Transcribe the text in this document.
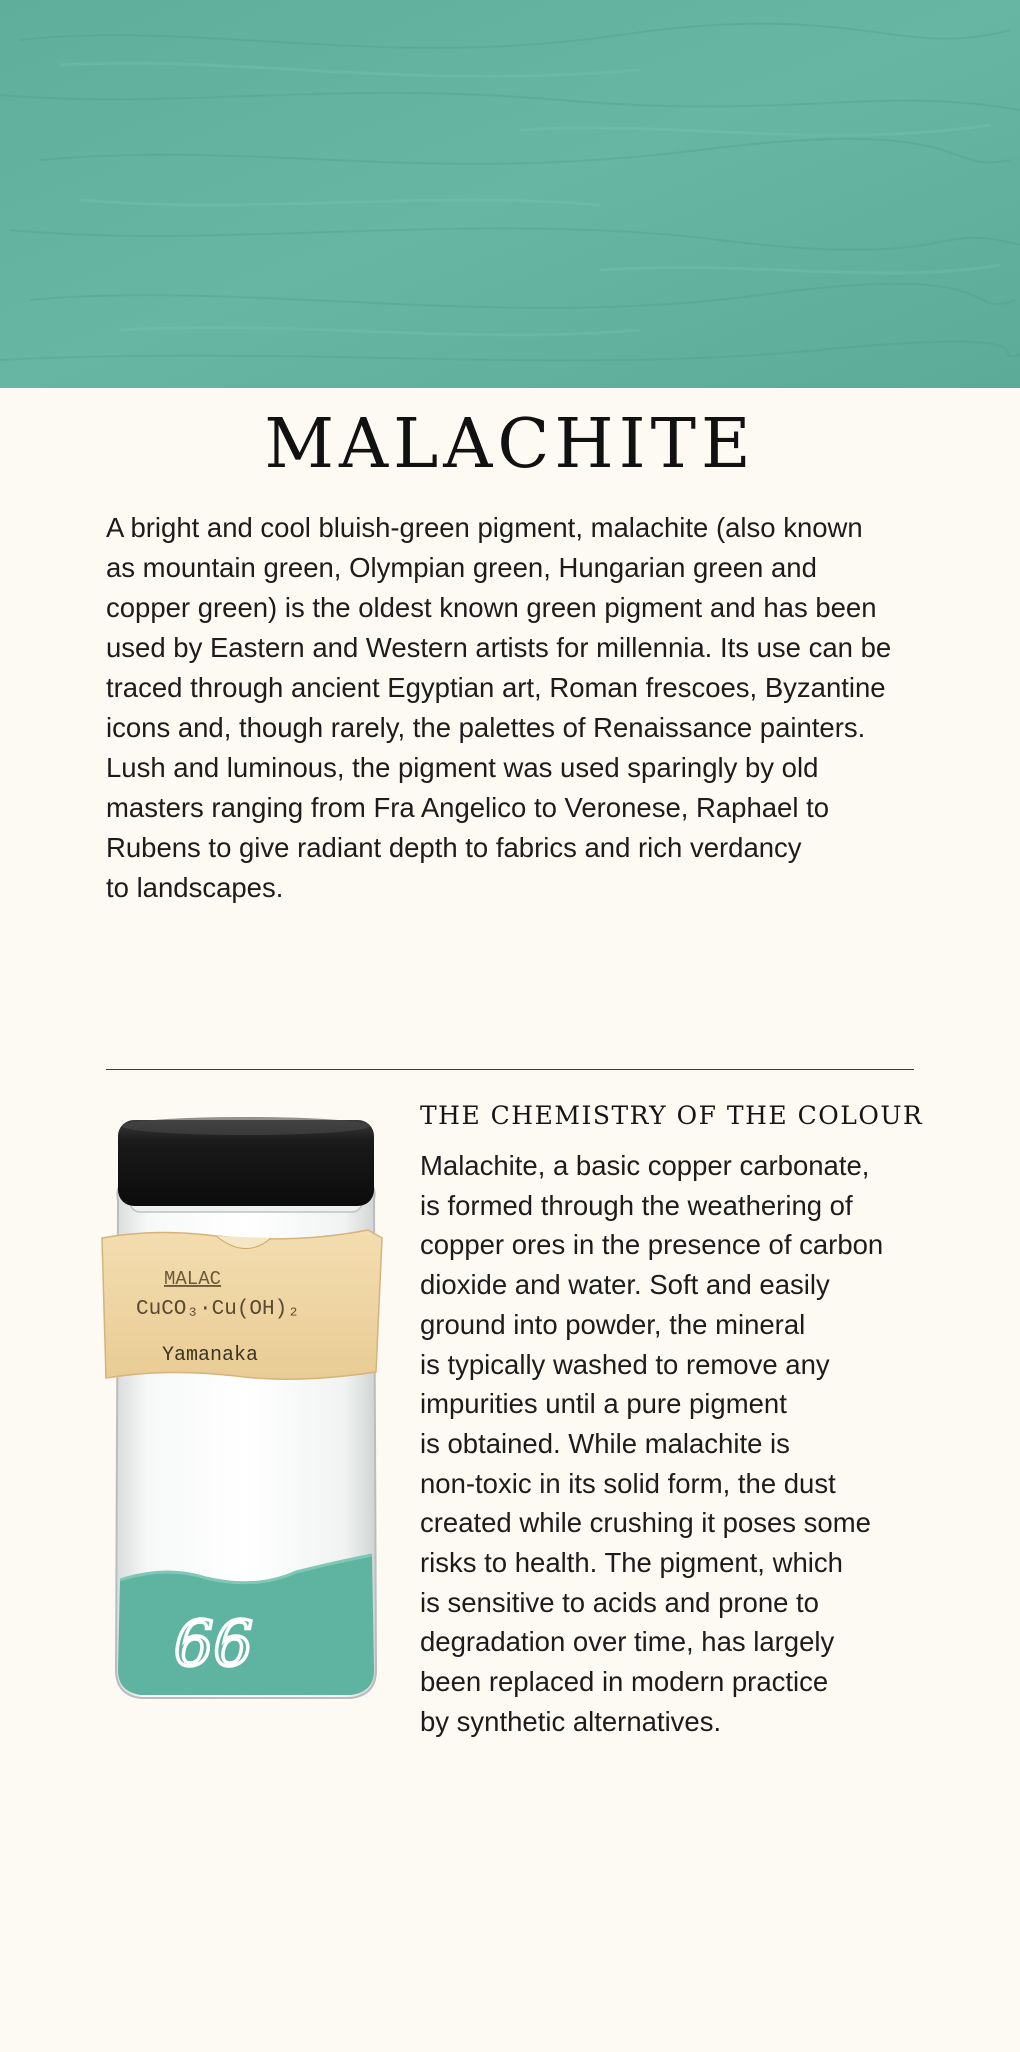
MALACHITE

A bright and cool bluish-green pigment, malachite (also known
as mountain green, Olympian green, Hungarian green and
copper green) is the oldest known green pigment and has been
used by Eastern and Western artists for millennia. Its use can be
traced through ancient Egyptian art, Roman frescoes, Byzantine
icons and, though rarely, the palettes of Renaissance painters.
Lush and luminous, the pigment was used sparingly by old
masters ranging from Fra Angelico to Veronese, Raphael to
Rubens to give radiant depth to fabrics and rich verdancy
to landscapes.

MALAC
CuCO₃·Cu(OH)₂
Yamanaka
66
THE CHEMISTRY OF THE COLOUR

Malachite, a basic copper carbonate,
is formed through the weathering of
copper ores in the presence of carbon
dioxide and water. Soft and easily
ground into powder, the mineral
is typically washed to remove any
impurities until a pure pigment
is obtained. While malachite is
non-toxic in its solid form, the dust
created while crushing it poses some
risks to health. The pigment, which
is sensitive to acids and prone to
degradation over time, has largely
been replaced in modern practice
by synthetic alternatives.
